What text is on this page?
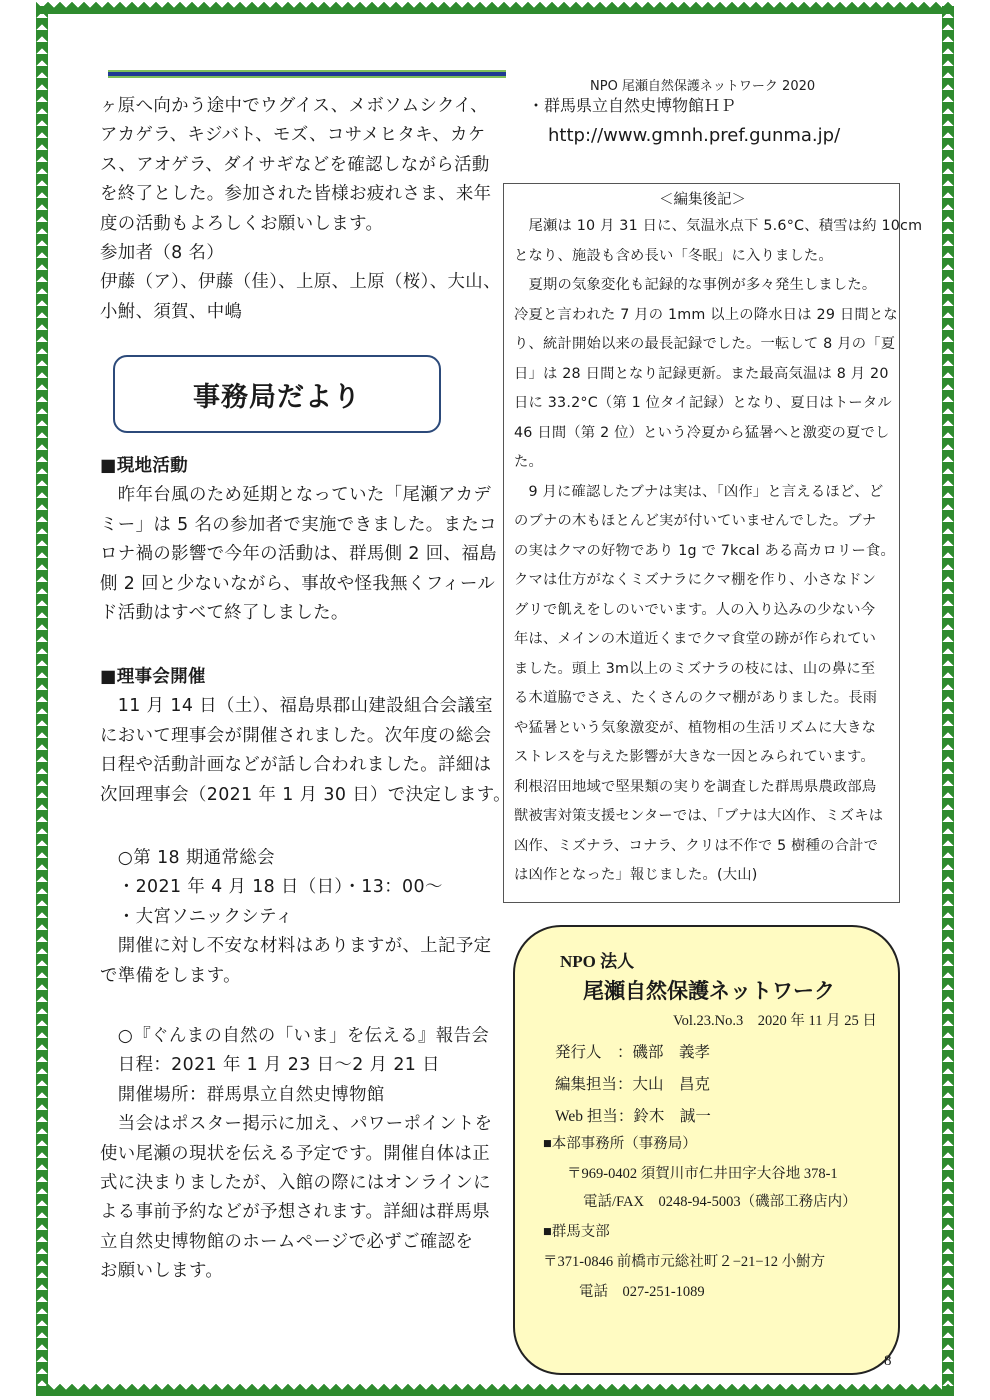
NPO 尾瀬自然保護ネットワーク 2020
ヶ原へ向かう途中でウグイス、メボソムシクイ、
アカゲラ、キジバト、モズ、コサメヒタキ、カケ
ス、アオゲラ、ダイサギなどを確認しながら活動
を終了とした。参加された皆様お疲れさま、来年
度の活動もよろしくお願いします。
参加者（8 名）
伊藤（ア）、伊藤（佳）、上原、上原（桜）、大山、
小鮒、須賀、中嶋
事務局だより
■現地活動
　昨年台風のため延期となっていた「尾瀬アカデ
ミー」は 5 名の参加者で実施できました。またコ
ロナ禍の影響で今年の活動は、群馬側 2 回、福島
側 2 回と少ないながら、事故や怪我無くフィール
ド活動はすべて終了しました。
■理事会開催
　11 月 14 日（土）、福島県郡山建設組合会議室
において理事会が開催されました。次年度の総会
日程や活動計画などが話し合われました。詳細は
次回理事会（2021 年 1 月 30 日）で決定します。
　○第 18 期通常総会
　・2021 年 4 月 18 日（日）・13：00～
　・大宮ソニックシティ
　開催に対し不安な材料はありますが、上記予定
で準備をします。
　○『ぐんまの自然の「いま」を伝える』報告会
　日程：2021 年 1 月 23 日～2 月 21 日
　開催場所：群馬県立自然史博物館
　当会はポスター掲示に加え、パワーポイントを
使い尾瀬の現状を伝える予定です。開催自体は正
式に決まりましたが、入館の際にはオンラインに
よる事前予約などが予想されます。詳細は群馬県
立自然史博物館のホームページで必ずご確認を
お願いします。
・群馬県立自然史博物館ＨＰ
http://www.gmnh.pref.gunma.jp/
＜編集後記＞
　尾瀬は 10 月 31 日に、気温氷点下 5.6°C、積雪は約 10cm
となり、施設も含め長い「冬眠」に入りました。
　夏期の気象変化も記録的な事例が多々発生しました。
冷夏と言われた 7 月の 1mm 以上の降水日は 29 日間とな
り、統計開始以来の最長記録でした。一転して 8 月の「夏
日」は 28 日間となり記録更新。また最高気温は 8 月 20
日に 33.2°C（第 1 位タイ記録）となり、夏日はトータル
46 日間（第 2 位）という冷夏から猛暑へと激変の夏でし
た。
　9 月に確認したブナは実は、「凶作」と言えるほど、ど
のブナの木もほとんど実が付いていませんでした。ブナ
の実はクマの好物であり 1g で 7kcal ある高カロリー食。
クマは仕方がなくミズナラにクマ棚を作り、小さなドン
グリで飢えをしのいでいます。人の入り込みの少ない今
年は、メインの木道近くまでクマ食堂の跡が作られてい
ました。頭上 3m以上のミズナラの枝には、山の鼻に至
る木道脇でさえ、たくさんのクマ棚がありました。長雨
や猛暑という気象激変が、植物相の生活リズムに大きな
ストレスを与えた影響が大きな一因とみられています。
利根沼田地域で堅果類の実りを調査した群馬県農政部鳥
獣被害対策支援センターでは、「ブナは大凶作、ミズキは
凶作、ミズナラ、コナラ、クリは不作で 5 樹種の合計で
は凶作となった」報じました。(大山)
NPO 法人
尾瀬自然保護ネットワーク
Vol.23.No.3　2020 年 11 月 25 日
発行人　：磯部　義孝
編集担当：大山　昌克
Web 担当：鈴木　誠一
■本部事務所（事務局）
〒969-0402 須賀川市仁井田字大谷地 378-1
電話/FAX　0248-94-5003（磯部工務店内）
■群馬支部
〒371-0846 前橋市元総社町２−21−12 小鮒方
電話　027-251-1089
8
